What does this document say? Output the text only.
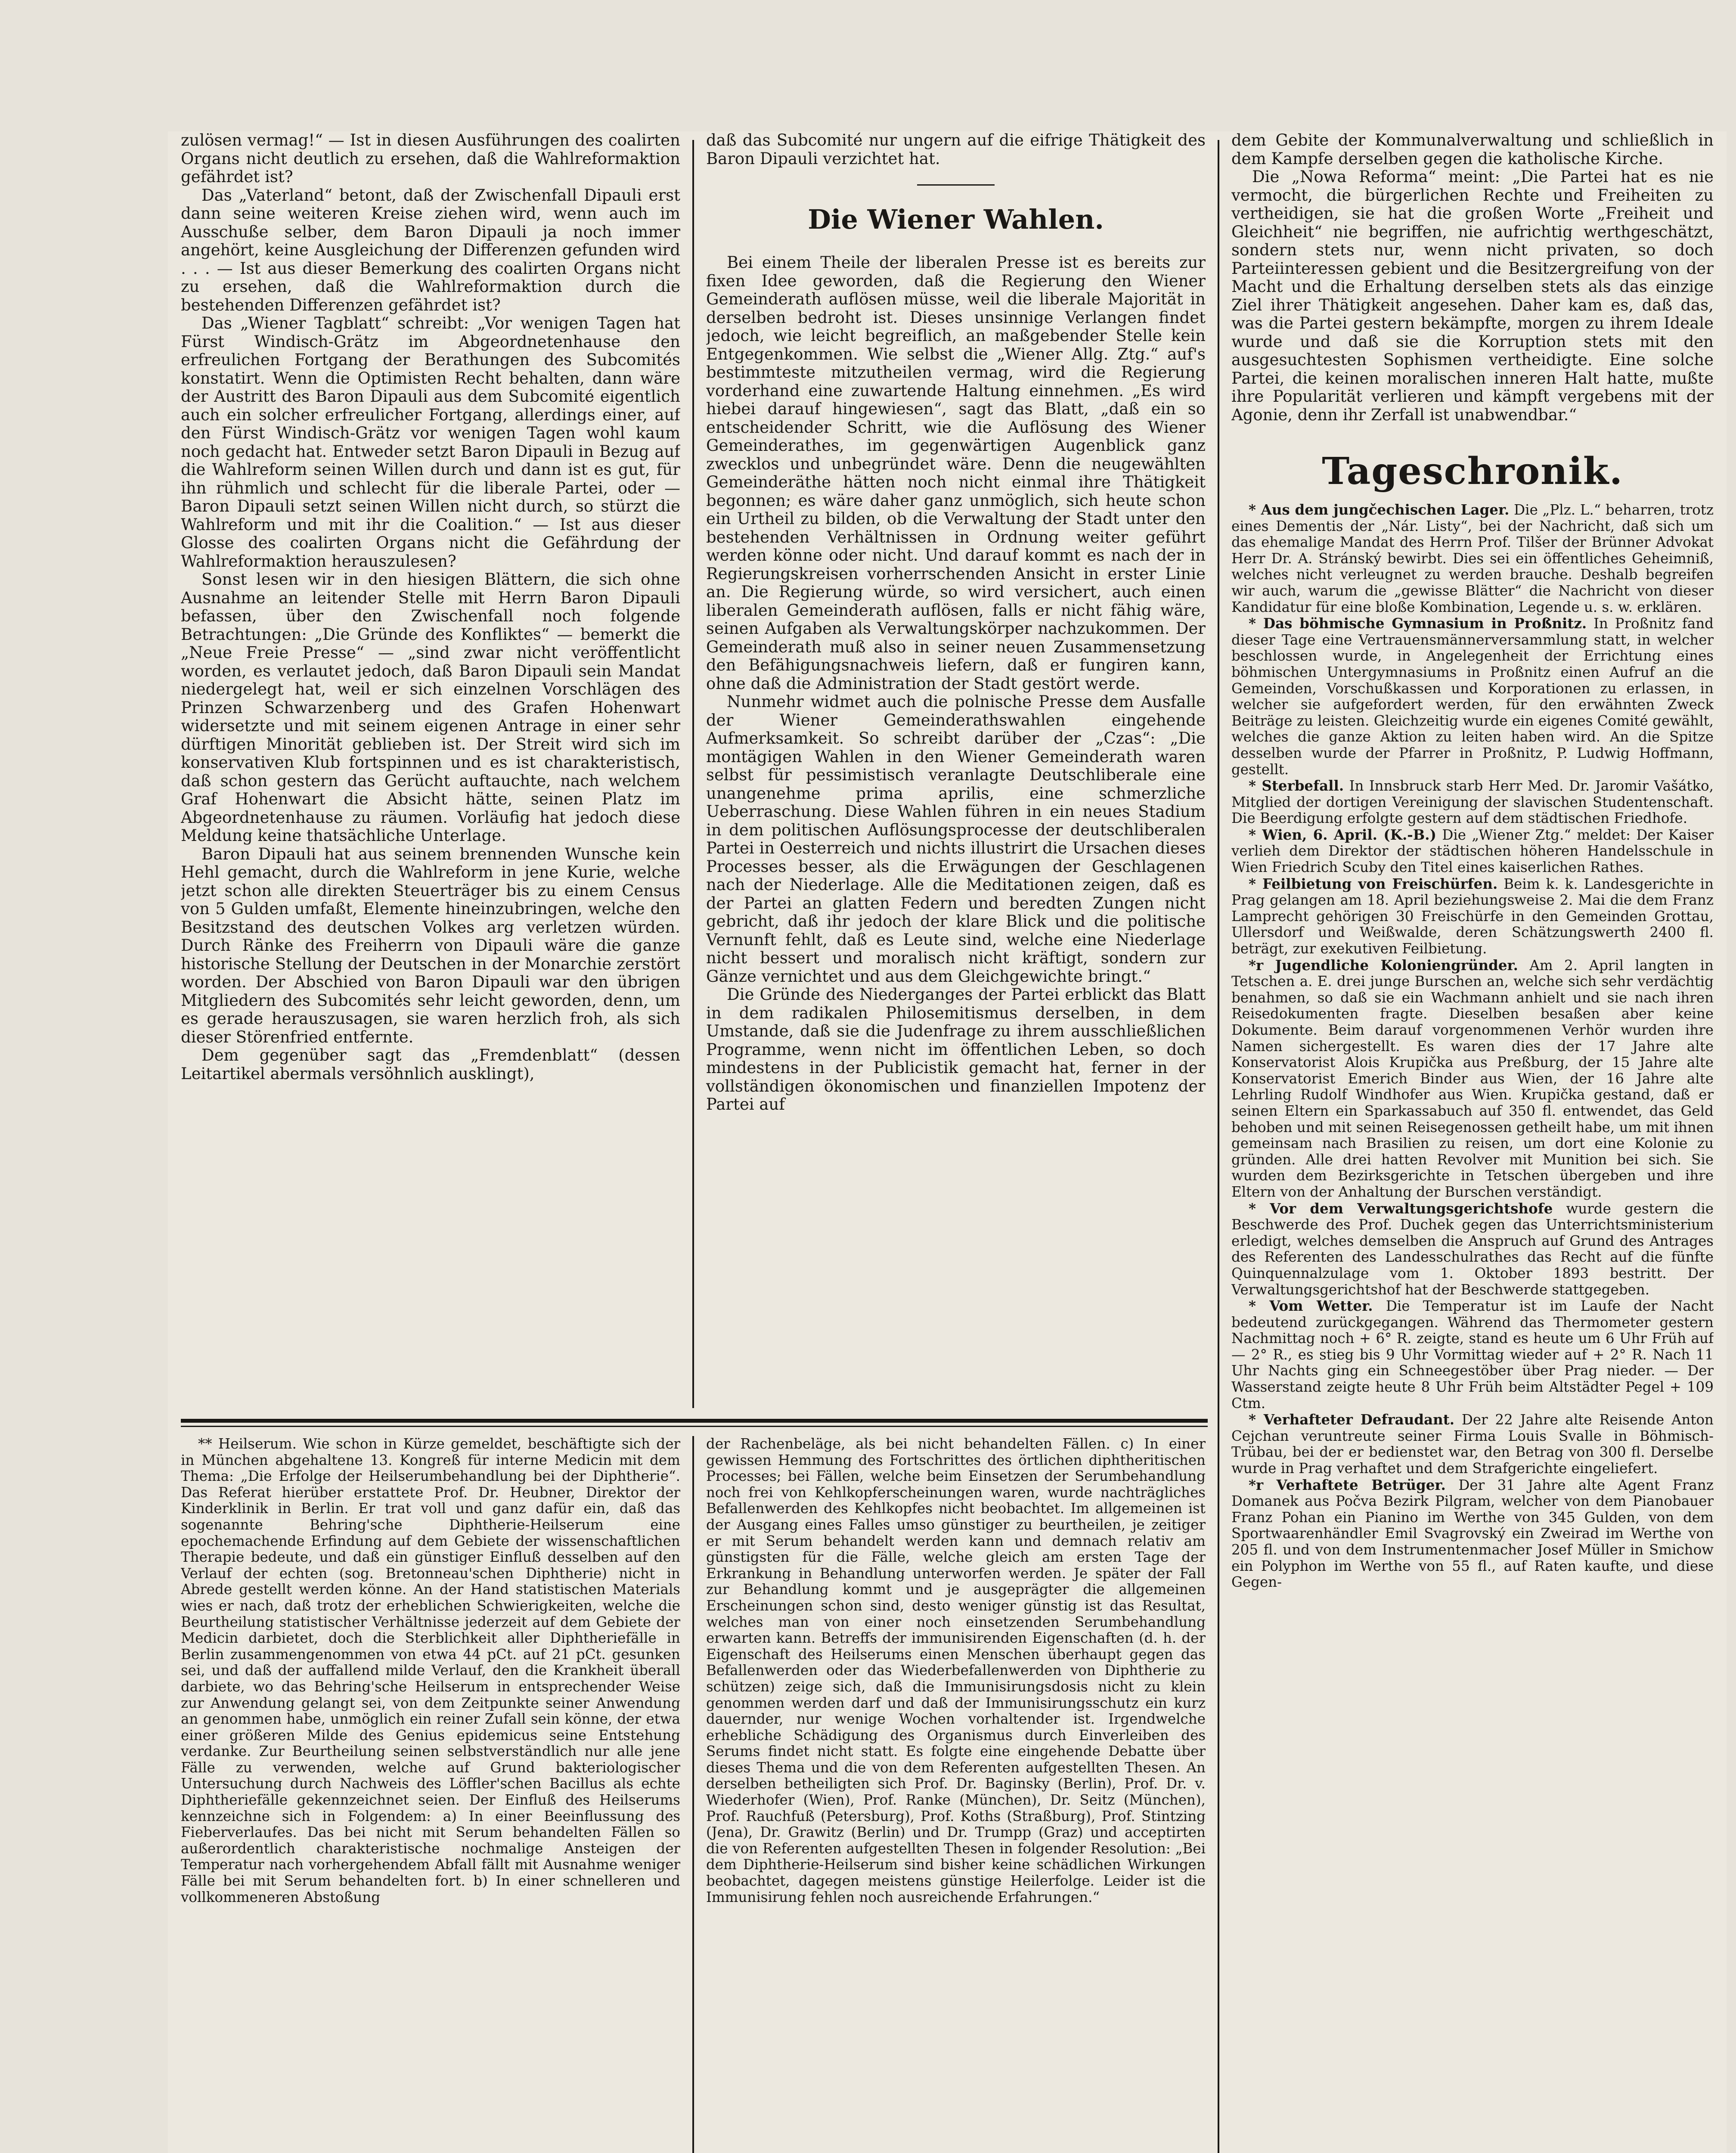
zulösen vermag!“ — Ist in diesen Ausführungen des coalirten Organs nicht deutlich zu ersehen, daß die Wahlreformaktion gefährdet ist?

Das „Vaterland“ betont, daß der Zwischenfall Dipauli erst dann seine weiteren Kreise ziehen wird, wenn auch im Ausschuße selber, dem Baron Dipauli ja noch immer angehört, keine Ausgleichung der Differenzen gefunden wird . . . — Ist aus dieser Bemerkung des coalirten Organs nicht zu ersehen, daß die Wahlreformaktion durch die bestehenden Differenzen gefährdet ist?

Das „Wiener Tagblatt“ schreibt: „Vor wenigen Tagen hat Fürst Windisch-Grätz im Abgeordnetenhause den erfreulichen Fortgang der Berathungen des Subcomités konstatirt. Wenn die Optimisten Recht behalten, dann wäre der Austritt des Baron Dipauli aus dem Subcomité eigentlich auch ein solcher erfreulicher Fortgang, allerdings einer, auf den Fürst Windisch-Grätz vor wenigen Tagen wohl kaum noch gedacht hat. Entweder setzt Baron Dipauli in Bezug auf die Wahlreform seinen Willen durch und dann ist es gut, für ihn rühmlich und schlecht für die liberale Partei, oder — Baron Dipauli setzt seinen Willen nicht durch, so stürzt die Wahlreform und mit ihr die Coalition.“ — Ist aus dieser Glosse des coalirten Organs nicht die Gefährdung der Wahlreformaktion herauszulesen?

Sonst lesen wir in den hiesigen Blättern, die sich ohne Ausnahme an leitender Stelle mit Herrn Baron Dipauli befassen, über den Zwischenfall noch folgende Betrachtungen: „Die Gründe des Konfliktes“ — bemerkt die „Neue Freie Presse“ — „sind zwar nicht veröffentlicht worden, es verlautet jedoch, daß Baron Dipauli sein Mandat niedergelegt hat, weil er sich einzelnen Vorschlägen des Prinzen Schwarzenberg und des Grafen Hohenwart widersetzte und mit seinem eigenen Antrage in einer sehr dürftigen Minorität geblieben ist. Der Streit wird sich im konservativen Klub fortspinnen und es ist charakteristisch, daß schon gestern das Gerücht auftauchte, nach welchem Graf Hohenwart die Absicht hätte, seinen Platz im Abgeordnetenhause zu räumen. Vorläufig hat jedoch diese Meldung keine thatsächliche Unterlage.

Baron Dipauli hat aus seinem brennenden Wunsche kein Hehl gemacht, durch die Wahlreform in jene Kurie, welche jetzt schon alle direkten Steuerträger bis zu einem Census von 5 Gulden umfaßt, Elemente hineinzubringen, welche den Besitzstand des deutschen Volkes arg verletzen würden. Durch Ränke des Freiherrn von Dipauli wäre die ganze historische Stellung der Deutschen in der Monarchie zerstört worden. Der Abschied von Baron Dipauli war den übrigen Mitgliedern des Subcomités sehr leicht geworden, denn, um es gerade herauszusagen, sie waren herzlich froh, als sich dieser Störenfried entfernte.

Dem gegenüber sagt das „Fremdenblatt“ (dessen Leitartikel abermals versöhnlich ausklingt),

daß das Subcomité nur ungern auf die eifrige Thätigkeit des Baron Dipauli verzichtet hat.

Die Wiener Wahlen.

Bei einem Theile der liberalen Presse ist es bereits zur fixen Idee geworden, daß die Regierung den Wiener Gemeinderath auflösen müsse, weil die liberale Majorität in derselben bedroht ist. Dieses unsinnige Verlangen findet jedoch, wie leicht begreiflich, an maßgebender Stelle kein Entgegenkommen. Wie selbst die „Wiener Allg. Ztg.“ auf's bestimmteste mitzutheilen vermag, wird die Regierung vorderhand eine zuwartende Haltung einnehmen. „Es wird hiebei darauf hingewiesen“, sagt das Blatt, „daß ein so entscheidender Schritt, wie die Auflösung des Wiener Gemeinderathes, im gegenwärtigen Augenblick ganz zwecklos und unbegründet wäre. Denn die neugewählten Gemeinderäthe hätten noch nicht einmal ihre Thätigkeit begonnen; es wäre daher ganz unmöglich, sich heute schon ein Urtheil zu bilden, ob die Verwaltung der Stadt unter den bestehenden Verhältnissen in Ordnung weiter geführt werden könne oder nicht. Und darauf kommt es nach der in Regierungskreisen vorherrschenden Ansicht in erster Linie an. Die Regierung würde, so wird versichert, auch einen liberalen Gemeinderath auflösen, falls er nicht fähig wäre, seinen Aufgaben als Verwaltungskörper nachzukommen. Der Gemeinderath muß also in seiner neuen Zusammensetzung den Befähigungsnachweis liefern, daß er fungiren kann, ohne daß die Administration der Stadt gestört werde.

Nunmehr widmet auch die polnische Presse dem Ausfalle der Wiener Gemeinderathswahlen eingehende Aufmerksamkeit. So schreibt darüber der „Czas“: „Die montägigen Wahlen in den Wiener Gemeinderath waren selbst für pessimistisch veranlagte Deutschliberale eine unangenehme prima aprilis, eine schmerzliche Ueberraschung. Diese Wahlen führen in ein neues Stadium in dem politischen Auflösungsprocesse der deutschliberalen Partei in Oesterreich und nichts illustrirt die Ursachen dieses Processes besser, als die Erwägungen der Geschlagenen nach der Niederlage. Alle die Meditationen zeigen, daß es der Partei an glatten Federn und beredten Zungen nicht gebricht, daß ihr jedoch der klare Blick und die politische Vernunft fehlt, daß es Leute sind, welche eine Niederlage nicht bessert und moralisch nicht kräftigt, sondern zur Gänze vernichtet und aus dem Gleichgewichte bringt.“

Die Gründe des Niederganges der Partei erblickt das Blatt in dem radikalen Philosemitismus derselben, in dem Umstande, daß sie die Judenfrage zu ihrem ausschließlichen Programme, wenn nicht im öffentlichen Leben, so doch mindestens in der Publicistik gemacht hat, ferner in der vollständigen ökonomischen und finanziellen Impotenz der Partei auf

dem Gebite der Kommunalverwaltung und schließlich in dem Kampfe derselben gegen die katholische Kirche.

Die „Nowa Reforma“ meint: „Die Partei hat es nie vermocht, die bürgerlichen Rechte und Freiheiten zu vertheidigen, sie hat die großen Worte „Freiheit und Gleichheit“ nie begriffen, nie aufrichtig werthgeschätzt, sondern stets nur, wenn nicht privaten, so doch Parteiinteressen gebient und die Besitzergreifung von der Macht und die Erhaltung derselben stets als das einzige Ziel ihrer Thätigkeit angesehen. Daher kam es, daß das, was die Partei gestern bekämpfte, morgen zu ihrem Ideale wurde und daß sie die Korruption stets mit den ausgesuchtesten Sophismen vertheidigte. Eine solche Partei, die keinen moralischen inneren Halt hatte, mußte ihre Popularität verlieren und kämpft vergebens mit der Agonie, denn ihr Zerfall ist unabwendbar.“

Tageschronik.

* Aus dem jungčechischen Lager. Die „Plz. L.“ beharren, trotz eines Dementis der „Nár. Listy“, bei der Nachricht, daß sich um das ehemalige Mandat des Herrn Prof. Tilšer der Brünner Advokat Herr Dr. A. Stránský bewirbt. Dies sei ein öffentliches Geheimniß, welches nicht verleugnet zu werden brauche. Deshalb begreifen wir auch, warum die „gewisse Blätter“ die Nachricht von dieser Kandidatur für eine bloße Kombination, Legende u. s. w. erklären.

* Das böhmische Gymnasium in Proßnitz. In Proßnitz fand dieser Tage eine Vertrauensmännerversammlung statt, in welcher beschlossen wurde, in Angelegenheit der Errichtung eines böhmischen Untergymnasiums in Proßnitz einen Aufruf an die Gemeinden, Vorschußkassen und Korporationen zu erlassen, in welcher sie aufgefordert werden, für den erwähnten Zweck Beiträge zu leisten. Gleichzeitig wurde ein eigenes Comité gewählt, welches die ganze Aktion zu leiten haben wird. An die Spitze desselben wurde der Pfarrer in Proßnitz, P. Ludwig Hoffmann, gestellt.

* Sterbefall. In Innsbruck starb Herr Med. Dr. Jaromir Vašátko, Mitglied der dortigen Vereinigung der slavischen Studentenschaft. Die Beerdigung erfolgte gestern auf dem städtischen Friedhofe.

* Wien, 6. April. (K.-B.) Die „Wiener Ztg.“ meldet: Der Kaiser verlieh dem Direktor der städtischen höheren Handelsschule in Wien Friedrich Scuby den Titel eines kaiserlichen Rathes.

* Feilbietung von Freischürfen. Beim k. k. Landesgerichte in Prag gelangen am 18. April beziehungsweise 2. Mai die dem Franz Lamprecht gehörigen 30 Freischürfe in den Gemeinden Grottau, Ullersdorf und Weißwalde, deren Schätzungswerth 2400 fl. beträgt, zur exekutiven Feilbietung.

*r Jugendliche Koloniengründer. Am 2. April langten in Tetschen a. E. drei junge Burschen an, welche sich sehr verdächtig benahmen, so daß sie ein Wachmann anhielt und sie nach ihren Reisedokumenten fragte. Dieselben besaßen aber keine Dokumente. Beim darauf vorgenommenen Verhör wurden ihre Namen sichergestellt. Es waren dies der 17 Jahre alte Konservatorist Alois Krupička aus Preßburg, der 15 Jahre alte Konservatorist Emerich Binder aus Wien, der 16 Jahre alte Lehrling Rudolf Windhofer aus Wien. Krupička gestand, daß er seinen Eltern ein Sparkassabuch auf 350 fl. entwendet, das Geld behoben und mit seinen Reisegenossen getheilt habe, um mit ihnen gemeinsam nach Brasilien zu reisen, um dort eine Kolonie zu gründen. Alle drei hatten Revolver mit Munition bei sich. Sie wurden dem Bezirksgerichte in Tetschen übergeben und ihre Eltern von der Anhaltung der Burschen verständigt.

* Vor dem Verwaltungsgerichtshofe wurde gestern die Beschwerde des Prof. Duchek gegen das Unterrichtsministerium erledigt, welches demselben die Anspruch auf Grund des Antrages des Referenten des Landesschulrathes das Recht auf die fünfte Quinquennalzulage vom 1. Oktober 1893 bestritt. Der Verwaltungsgerichtshof hat der Beschwerde stattgegeben.

* Vom Wetter. Die Temperatur ist im Laufe der Nacht bedeutend zurückgegangen. Während das Thermometer gestern Nachmittag noch + 6° R. zeigte, stand es heute um 6 Uhr Früh auf — 2° R., es stieg bis 9 Uhr Vormittag wieder auf + 2° R. Nach 11 Uhr Nachts ging ein Schneegestöber über Prag nieder. — Der Wasserstand zeigte heute 8 Uhr Früh beim Altstädter Pegel + 109 Ctm.

* Verhafteter Defraudant. Der 22 Jahre alte Reisende Anton Cejchan veruntreute seiner Firma Louis Svalle in Böhmisch-Trübau, bei der er bedienstet war, den Betrag von 300 fl. Derselbe wurde in Prag verhaftet und dem Strafgerichte eingeliefert.

*r Verhaftete Betrüger. Der 31 Jahre alte Agent Franz Domanek aus Počva Bezirk Pilgram, welcher von dem Pianobauer Franz Pohan ein Pianino im Werthe von 345 Gulden, von dem Sportwaarenhändler Emil Svagrovský ein Zweirad im Werthe von 205 fl. und von dem Instrumentenmacher Josef Müller in Smichow ein Polyphon im Werthe von 55 fl., auf Raten kaufte, und diese Gegen-

** Heilserum. Wie schon in Kürze gemeldet, beschäftigte sich der in München abgehaltene 13. Kongreß für interne Medicin mit dem Thema: „Die Erfolge der Heilserumbehandlung bei der Diphtherie“. Das Referat hierüber erstattete Prof. Dr. Heubner, Direktor der Kinderklinik in Berlin. Er trat voll und ganz dafür ein, daß das sogenannte Behring'sche Diphtherie-Heilserum eine epochemachende Erfindung auf dem Gebiete der wissenschaftlichen Therapie bedeute, und daß ein günstiger Einfluß desselben auf den Verlauf der echten (sog. Bretonneau'schen Diphtherie) nicht in Abrede gestellt werden könne. An der Hand statistischen Materials wies er nach, daß trotz der erheblichen Schwierigkeiten, welche die Beurtheilung statistischer Verhältnisse jederzeit auf dem Gebiete der Medicin darbietet, doch die Sterblichkeit aller Diphtheriefälle in Berlin zusammengenommen von etwa 44 pCt. auf 21 pCt. gesunken sei, und daß der auffallend milde Verlauf, den die Krankheit überall darbiete, wo das Behring'sche Heilserum in entsprechender Weise zur Anwendung gelangt sei, von dem Zeitpunkte seiner Anwendung an genommen habe, unmöglich ein reiner Zufall sein könne, der etwa einer größeren Milde des Genius epidemicus seine Entstehung verdanke. Zur Beurtheilung seinen selbstverständlich nur alle jene Fälle zu verwenden, welche auf Grund bakteriologischer Untersuchung durch Nachweis des Löffler'schen Bacillus als echte Diphtheriefälle gekennzeichnet seien. Der Einfluß des Heilserums kennzeichne sich in Folgendem: a) In einer Beeinflussung des Fieberverlaufes. Das bei nicht mit Serum behandelten Fällen so außerordentlich charakteristische nochmalige Ansteigen der Temperatur nach vorhergehendem Abfall fällt mit Ausnahme weniger Fälle bei mit Serum behandelten fort. b) In einer schnelleren und vollkommeneren Abstoßung

der Rachenbeläge, als bei nicht behandelten Fällen. c) In einer gewissen Hemmung des Fortschrittes des örtlichen diphtheritischen Processes; bei Fällen, welche beim Einsetzen der Serumbehandlung noch frei von Kehlkopferscheinungen waren, wurde nachträgliches Befallenwerden des Kehlkopfes nicht beobachtet. Im allgemeinen ist der Ausgang eines Falles umso günstiger zu beurtheilen, je zeitiger er mit Serum behandelt werden kann und demnach relativ am günstigsten für die Fälle, welche gleich am ersten Tage der Erkrankung in Behandlung unterworfen werden. Je später der Fall zur Behandlung kommt und je ausgeprägter die allgemeinen Erscheinungen schon sind, desto weniger günstig ist das Resultat, welches man von einer noch einsetzenden Serumbehandlung erwarten kann. Betreffs der immunisirenden Eigenschaften (d. h. der Eigenschaft des Heilserums einen Menschen überhaupt gegen das Befallenwerden oder das Wiederbefallenwerden von Diphtherie zu schützen) zeige sich, daß die Immunisirungsdosis nicht zu klein genommen werden darf und daß der Immunisirungsschutz ein kurz dauernder, nur wenige Wochen vorhaltender ist. Irgendwelche erhebliche Schädigung des Organismus durch Einverleiben des Serums findet nicht statt. Es folgte eine eingehende Debatte über dieses Thema und die von dem Referenten aufgestellten Thesen. An derselben betheiligten sich Prof. Dr. Baginsky (Berlin), Prof. Dr. v. Wiederhofer (Wien), Prof. Ranke (München), Dr. Seitz (München), Prof. Rauchfuß (Petersburg), Prof. Koths (Straßburg), Prof. Stintzing (Jena), Dr. Grawitz (Berlin) und Dr. Trumpp (Graz) und acceptirten die von Referenten aufgestellten Thesen in folgender Resolution: „Bei dem Diphtherie-Heilserum sind bisher keine schädlichen Wirkungen beobachtet, dagegen meistens günstige Heilerfolge. Leider ist die Immunisirung fehlen noch ausreichende Erfahrungen.“
